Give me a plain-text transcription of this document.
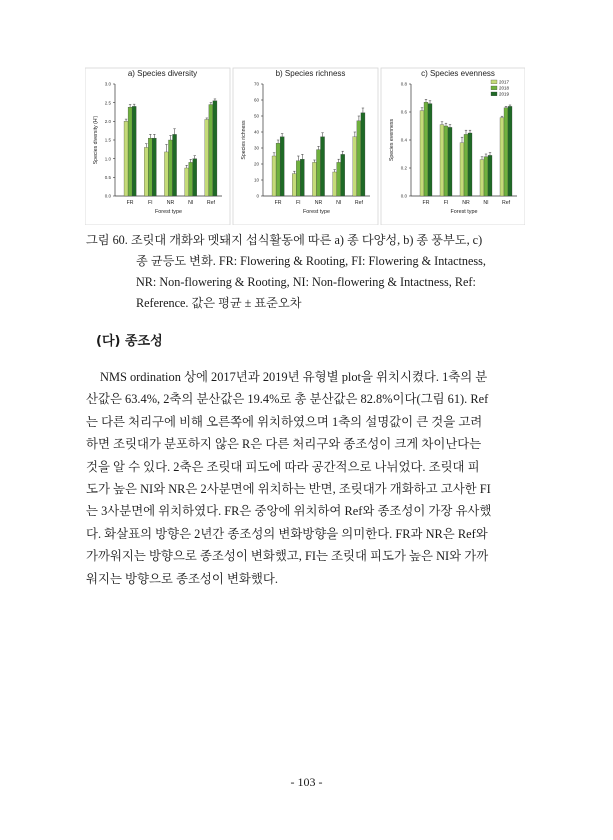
a) Species diversity
0.0
0.5
1.0
1.5
2.0
2.5
3.0
Species diversity (H')
FR	FI	NR	NI	Ref
Forest type
b) Species richness
0
10
20
30
40
50
60
70
Species richness
FR	FI	NR	NI	Ref
Forest type
c) Species evenness
0.0
0.2
0.4
0.6
0.8
Species evenness
FR	FI	NR	NI	Ref
Forest type
2017
2018
2019
그림 60. 조릿대 개화와 멧돼지 섭식활동에 따른 a) 종 다양성, b) 종 풍부도, c)
종 균등도 변화. FR: Flowering & Rooting, FI: Flowering & Intactness,
NR: Non-flowering & Rooting, NI: Non-flowering & Intactness, Ref:
Reference. 값은 평균 ± 표준오차
(다) 종조성
NMS ordination 상에 2017년과 2019년 유형별 plot을 위치시켰다. 1축의 분
산값은 63.4%, 2축의 분산값은 19.4%로 총 분산값은 82.8%이다(그림 61). Ref
는 다른 처리구에 비해 오른쪽에 위치하였으며 1축의 설명값이 큰 것을 고려
하면 조릿대가 분포하지 않은 R은 다른 처리구와 종조성이 크게 차이난다는
것을 알 수 있다. 2축은 조릿대 피도에 따라 공간적으로 나뉘었다. 조릿대 피
도가 높은 NI와 NR은 2사분면에 위치하는 반면, 조릿대가 개화하고 고사한 FI
는 3사분면에 위치하였다. FR은 중앙에 위치하여 Ref와 종조성이 가장 유사했
다. 화살표의 방향은 2년간 종조성의 변화방향을 의미한다. FR과 NR은 Ref와
가까워지는 방향으로 종조성이 변화했고, FI는 조릿대 피도가 높은 NI와 가까
워지는 방향으로 종조성이 변화했다.
- 103 -
